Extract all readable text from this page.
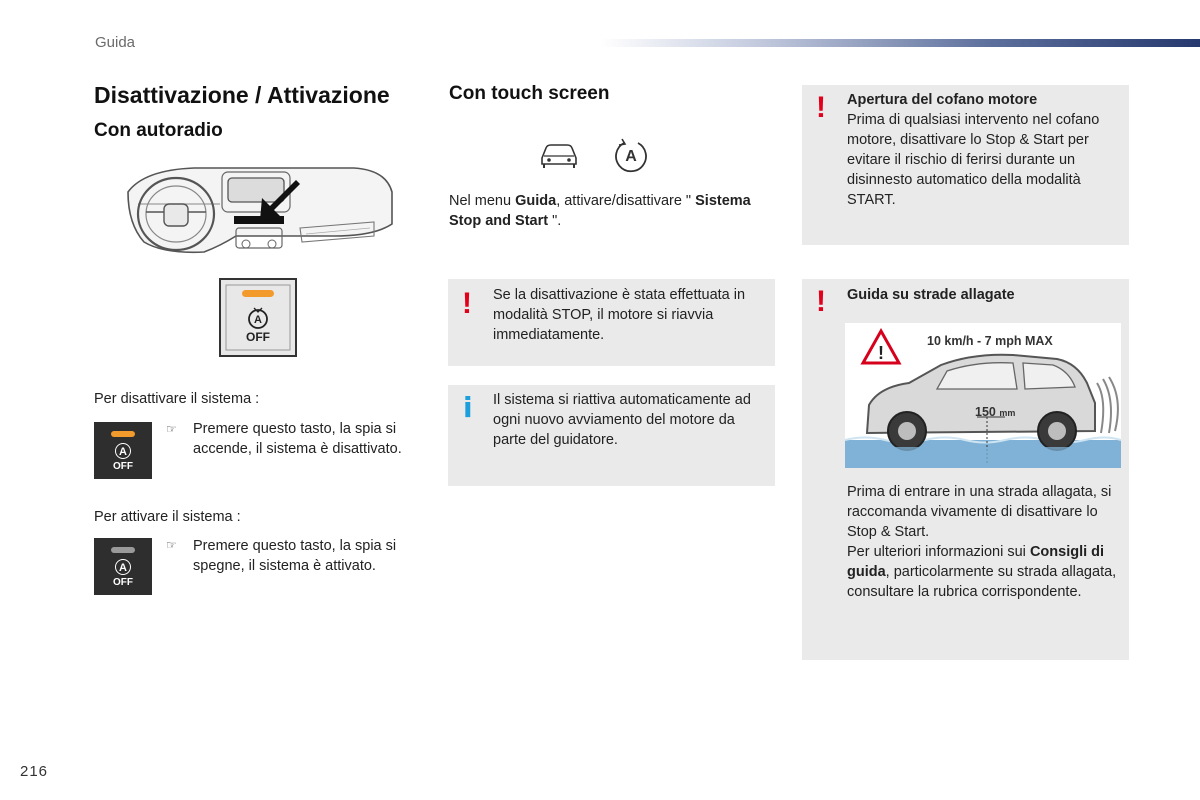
Guida
Disattivazione / Attivazione
Con autoradio
A
OFF
Per disattivare il sistema :
A
OFF
☞ Premere questo tasto, la spia si accende, il sistema è disattivato.
Per attivare il sistema :
A
OFF
☞ Premere questo tasto, la spia si spegne, il sistema è attivato.
Con touch screen
A
Nel menu Guida, attivare/disattivare " Sistema Stop and Start ".
! Se la disattivazione è stata effettuata in modalità STOP, il motore si riavvia immediatamente.
i Il sistema si riattiva automaticamente ad ogni nuovo avviamento del motore da parte del guidatore.
! Apertura del cofano motore
Prima di qualsiasi intervento nel cofano motore, disattivare lo Stop & Start per evitare il rischio di ferirsi durante un disinnesto automatico della modalità START.
! Guida su strade allagate
!
10 km/h - 7 mph MAX
150 mm
Prima di entrare in una strada allagata, si raccomanda vivamente di disattivare lo Stop & Start.
Per ulteriori informazioni sui Consigli di guida, particolarmente su strada allagata, consultare la rubrica corrispondente.
216
